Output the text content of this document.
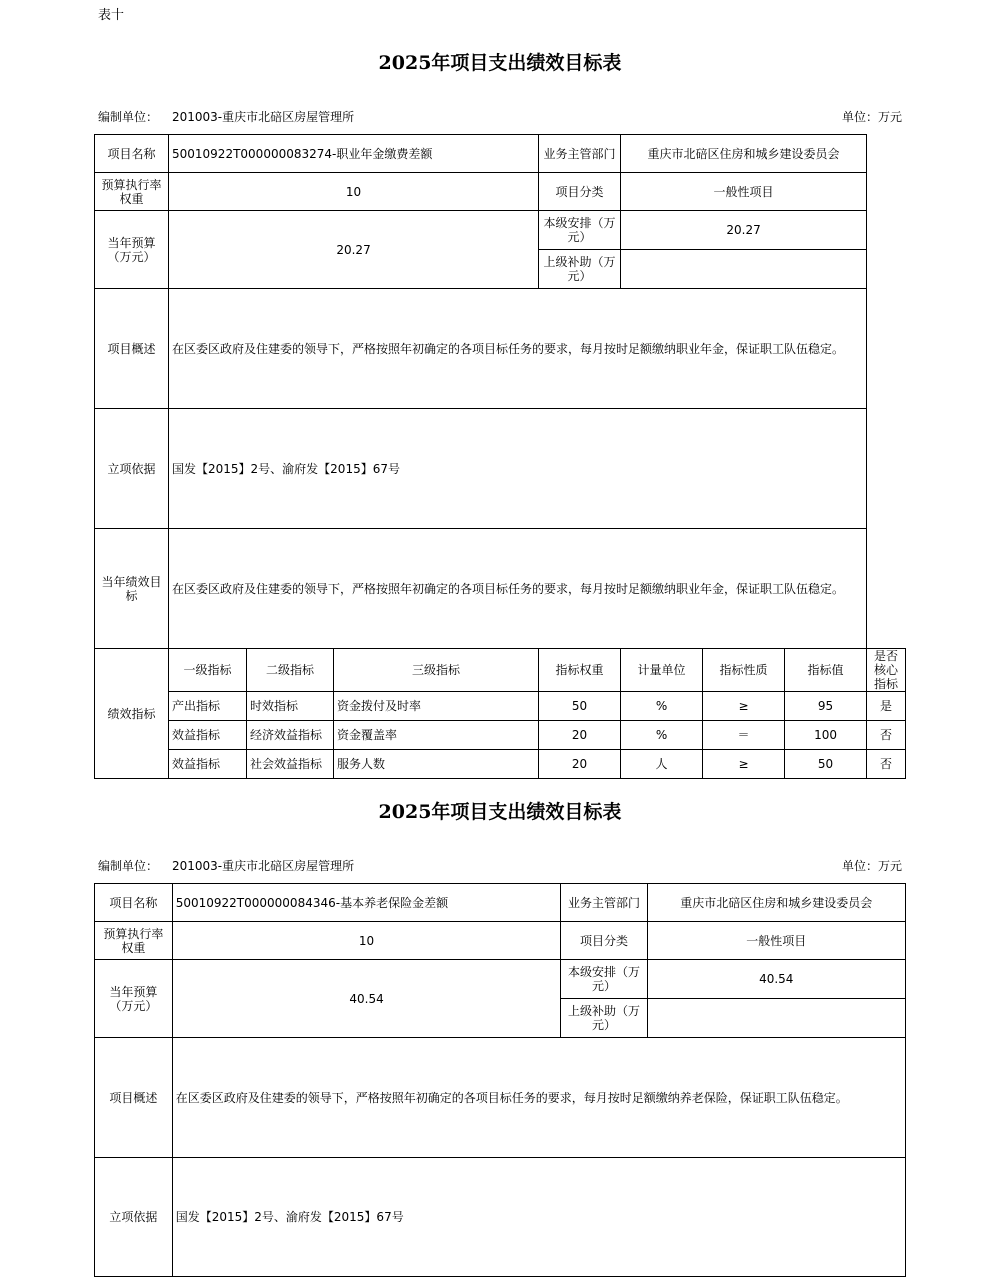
表十
2025年项目支出绩效目标表
编制单位： 201003-重庆市北碚区房屋管理所	单位：万元
项目名称	50010922T000000083274-职业年金缴费差额			业务主管部门	重庆市北碚区住房和城乡建设委员会			
预算执行率权重	10			项目分类	一般性项目			
当年预算（万元）	20.27			本级安排（万元）	20.27			
				上级补助（万元）				
项目概述	在区委区政府及住建委的领导下，严格按照年初确定的各项目标任务的要求，每月按时足额缴纳职业年金，保证职工队伍稳定。							
立项依据	国发【2015】2号、渝府发【2015】67号							
当年绩效目标	在区委区政府及住建委的领导下，严格按照年初确定的各项目标任务的要求，每月按时足额缴纳职业年金，保证职工队伍稳定。							
绩效指标	一级指标	二级指标	三级指标	指标权重	计量单位	指标性质	指标值	是否核心指标
	产出指标	时效指标	资金拨付及时率	50	%	≥	95	是
	效益指标	经济效益指标	资金覆盖率	20	%	＝	100	否
	效益指标	社会效益指标	服务人数	20	人	≥	50	否
2025年项目支出绩效目标表
编制单位： 201003-重庆市北碚区房屋管理所	单位：万元
项目名称	50010922T000000084346-基本养老保险金差额	业务主管部门	重庆市北碚区住房和城乡建设委员会
预算执行率权重	10	项目分类	一般性项目
当年预算（万元）	40.54	本级安排（万元）	40.54
		上级补助（万元）	
项目概述	在区委区政府及住建委的领导下，严格按照年初确定的各项目标任务的要求，每月按时足额缴纳养老保险，保证职工队伍稳定。		
立项依据	国发【2015】2号、渝府发【2015】67号		
